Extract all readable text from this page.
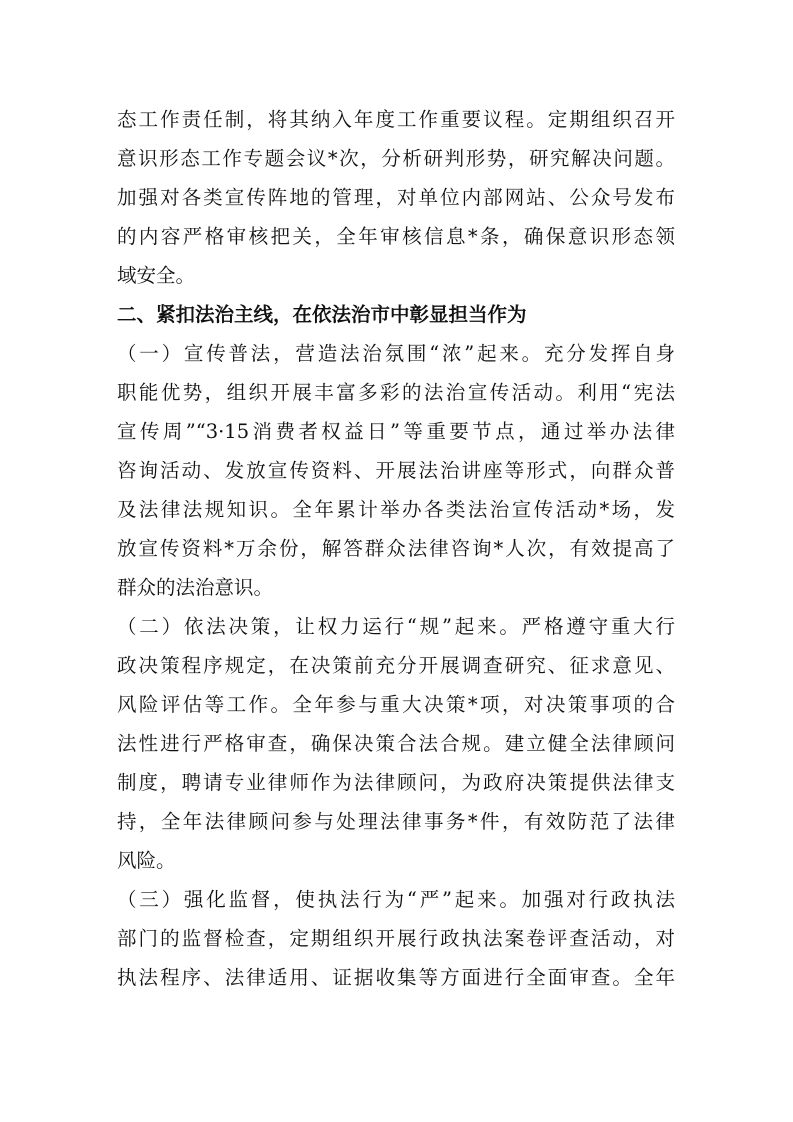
态工作责任制，将其纳入年度工作重要议程。定期组织召开
意识形态工作专题会议*次，分析研判形势，研究解决问题。
加强对各类宣传阵地的管理，对单位内部网站、公众号发布
的内容严格审核把关，全年审核信息*条，确保意识形态领
域安全。
二、紧扣法治主线，在依法治市中彰显担当作为
（一）宣传普法，营造法治氛围“浓”起来。充分发挥自身
职能优势，组织开展丰富多彩的法治宣传活动。利用“宪法
宣传周”“3·15消费者权益日”等重要节点，通过举办法律
咨询活动、发放宣传资料、开展法治讲座等形式，向群众普
及法律法规知识。全年累计举办各类法治宣传活动*场，发
放宣传资料*万余份，解答群众法律咨询*人次，有效提高了
群众的法治意识。
（二）依法决策，让权力运行“规”起来。严格遵守重大行
政决策程序规定，在决策前充分开展调查研究、征求意见、
风险评估等工作。全年参与重大决策*项，对决策事项的合
法性进行严格审查，确保决策合法合规。建立健全法律顾问
制度，聘请专业律师作为法律顾问，为政府决策提供法律支
持，全年法律顾问参与处理法律事务*件，有效防范了法律
风险。
（三）强化监督，使执法行为“严”起来。加强对行政执法
部门的监督检查，定期组织开展行政执法案卷评查活动，对
执法程序、法律适用、证据收集等方面进行全面审查。全年
